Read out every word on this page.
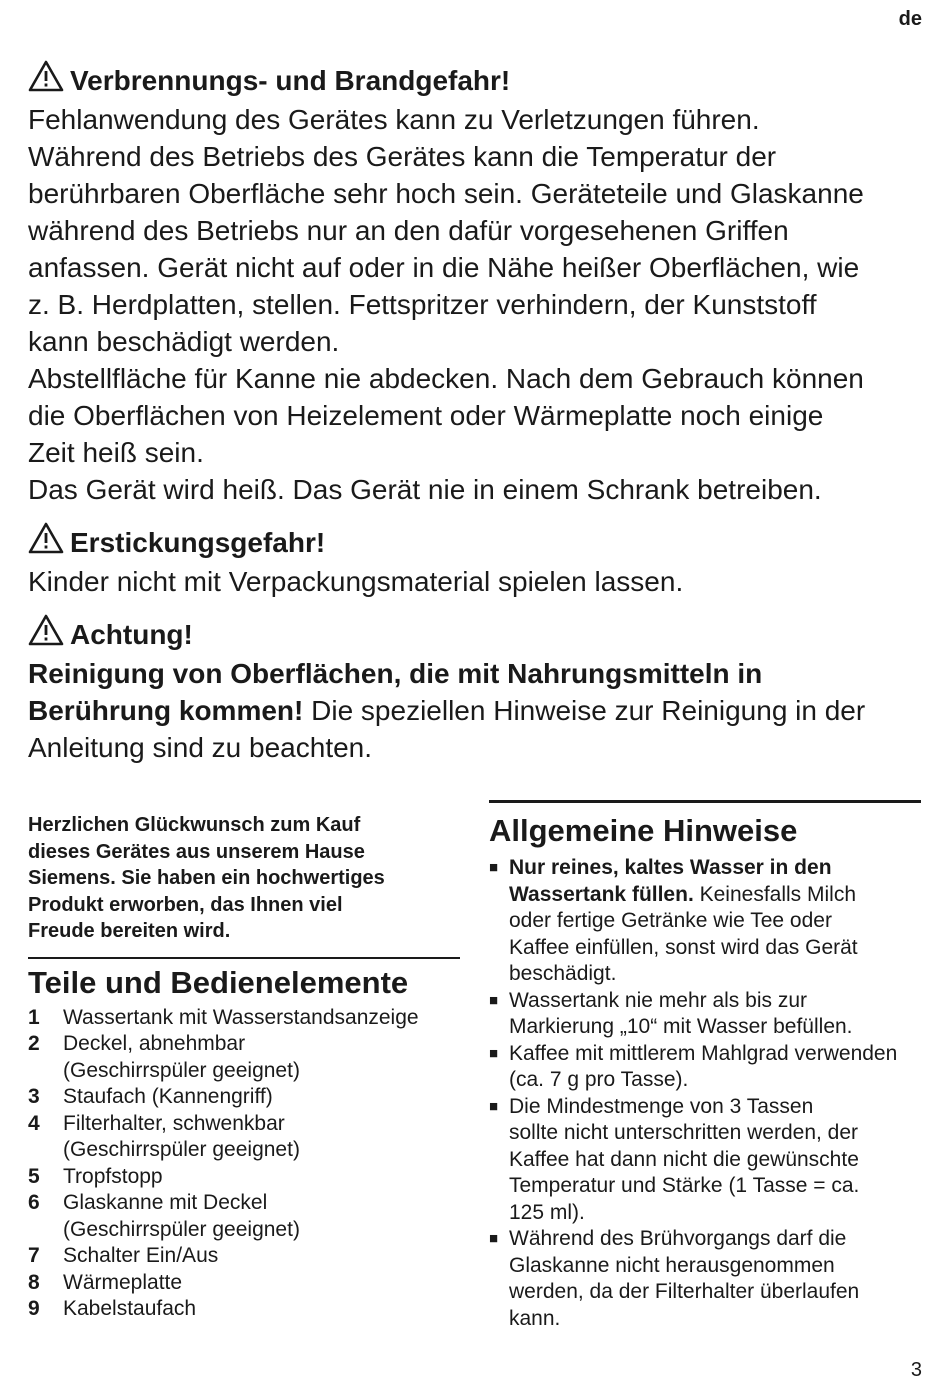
de
Verbrennungs- und Brandgefahr!

Fehlanwendung des Gerätes kann zu Verletzungen führen.

Während des Betriebs des Gerätes kann die Temperatur der

berührbaren Oberfläche sehr hoch sein. Geräteteile und Glaskanne

während des Betriebs nur an den dafür vorgesehenen Griffen

anfassen. Gerät nicht auf oder in die Nähe heißer Oberflächen, wie

z. B. Herdplatten, stellen. Fettspritzer verhindern, der Kunststoff

kann beschädigt werden.

Abstellfläche für Kanne nie abdecken. Nach dem Gebrauch können

die Oberflächen von Heizelement oder Wärmeplatte noch einige

Zeit heiß sein.

Das Gerät wird heiß. Das Gerät nie in einem Schrank betreiben.

Erstickungsgefahr!

Kinder nicht mit Verpackungsmaterial spielen lassen.

Achtung!

Reinigung von Oberflächen, die mit Nahrungsmitteln in

Berührung kommen! Die speziellen Hinweise zur Reinigung in der

Anleitung sind zu beachten.

Herzlichen Glückwunsch zum Kauf
dieses Gerätes aus unserem Hause
Siemens. Sie haben ein hochwertiges
Produkt erworben, das Ihnen viel
Freude bereiten wird.
Teile und Bedienelemente
1	Wassertank mit Wasserstandsanzeige
2	Deckel, abnehmbar
(Geschirrspüler geeignet)
3	Staufach (Kannengriff)
4	Filterhalter, schwenkbar
(Geschirrspüler geeignet)
5	Tropfstopp
6	Glaskanne mit Deckel
(Geschirrspüler geeignet)
7	Schalter Ein/Aus
8	Wärmeplatte
9	Kabelstaufach
Allgemeine Hinweise
■ Nur reines, kaltes Wasser in den
Wassertank füllen. Keinesfalls Milch
oder fertige Getränke wie Tee oder
Kaffee einfüllen, sonst wird das Gerät
beschädigt.
■ Wassertank nie mehr als bis zur
Markierung „10“ mit Wasser befüllen.
■ Kaffee mit mittlerem Mahlgrad verwenden
(ca. 7 g pro Tasse).
■ Die Mindestmenge von 3 Tassen
sollte nicht unterschritten werden, der
Kaffee hat dann nicht die gewünschte
Temperatur und Stärke (1 Tasse = ca.
125 ml).
■ Während des Brühvorgangs darf die
Glaskanne nicht herausgenommen
werden, da der Filterhalter überlaufen
kann.
3
